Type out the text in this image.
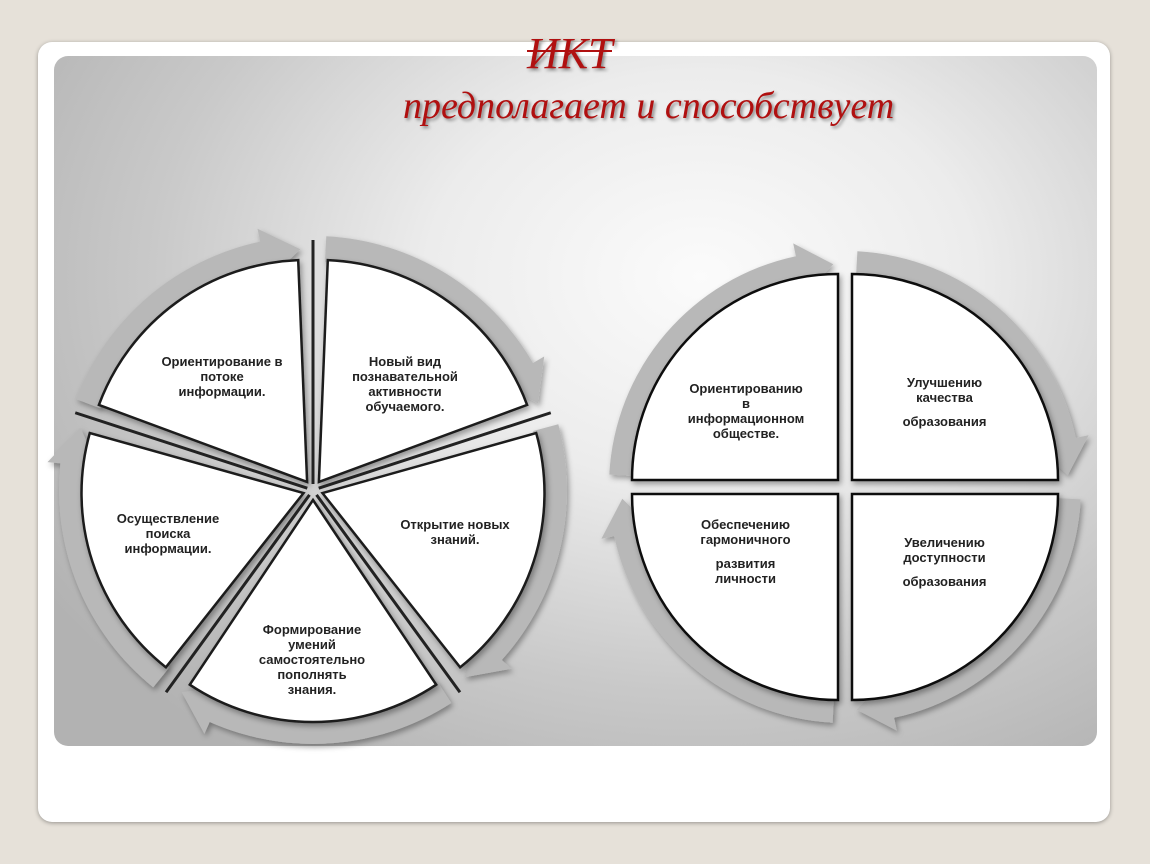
ИКТ
предполагает и способствует
Ориентирование в
потоке
информации.
Новый вид
познавательной
активности
обучаемого.
Открытие новых
знаний.
Формирование
умений
самостоятельно
пополнять
знания.
Осуществление
поиска
информации.
Ориентированию
в
информационном
обществе.
Улучшению
качества
образования
Обеспечению
гармоничного
развития
личности
Увеличению
доступности
образования
